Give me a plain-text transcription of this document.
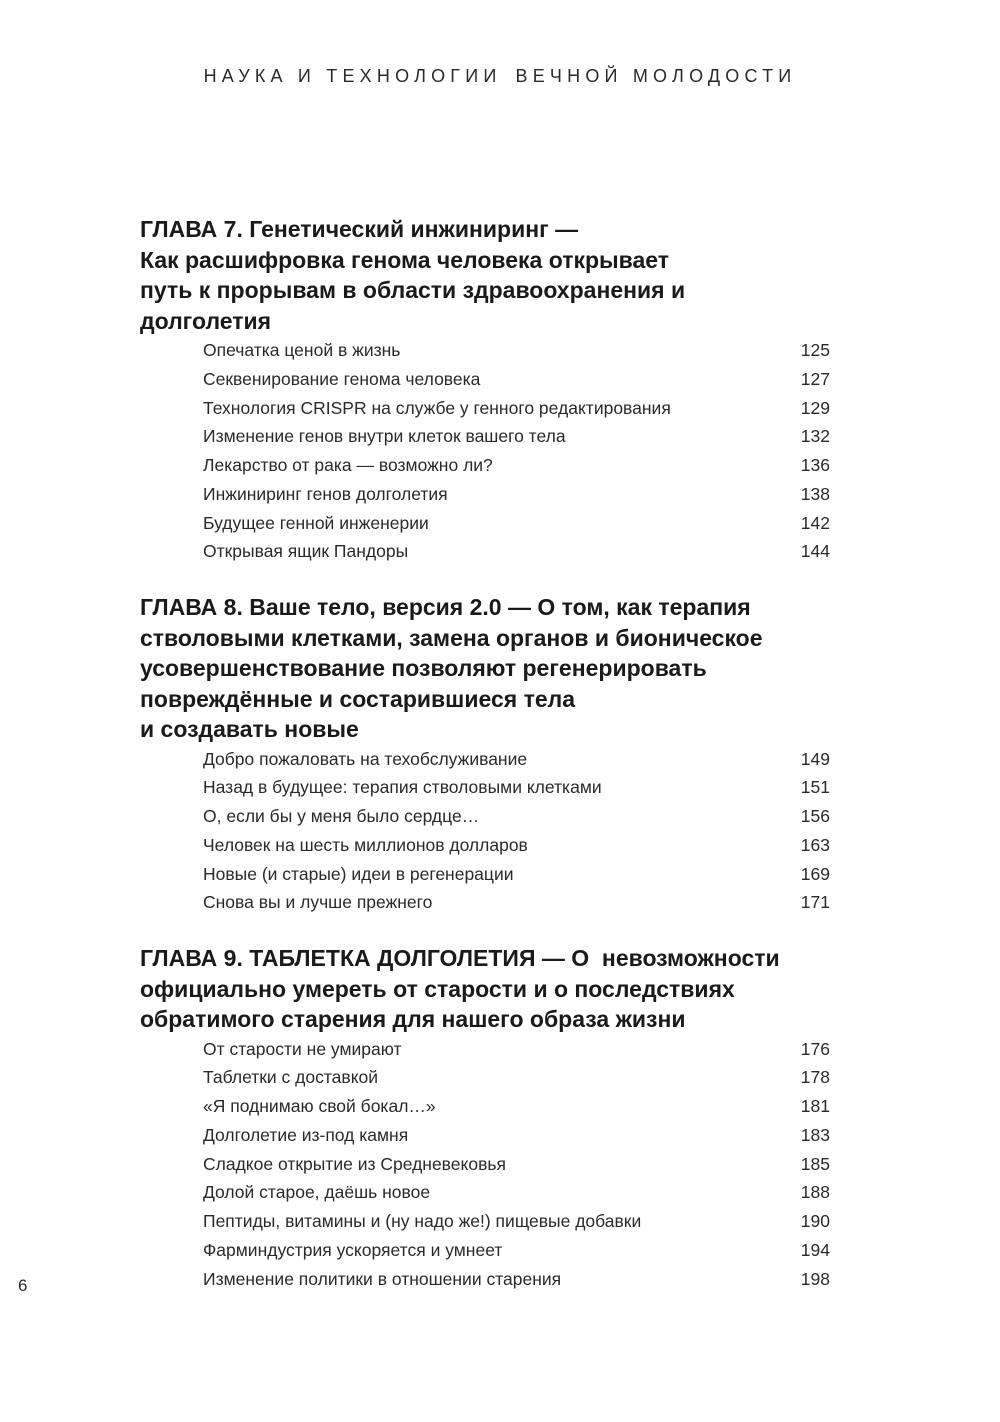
НАУКА И ТЕХНОЛОГИИ ВЕЧНОЙ МОЛОДОСТИ
ГЛАВА 7. Генетический инжиниринг —
Как расшифровка генома человека открывает
путь к прорывам в области здравоохранения и
долголетия
Опечатка ценой в жизнь	125
Секвенирование генома человека	127
Технология CRISPR на службе у генного редактирования	129
Изменение генов внутри клеток вашего тела	132
Лекарство от рака — возможно ли?	136
Инжиниринг генов долголетия	138
Будущее генной инженерии	142
Открывая ящик Пандоры	144
ГЛАВА 8. Ваше тело, версия 2.0 — О том, как терапия
стволовыми клетками, замена органов и бионическое
усовершенствование позволяют регенерировать
повреждённые и состарившиеся тела
и создавать новые
Добро пожаловать на техобслуживание	149
Назад в будущее: терапия стволовыми клетками	151
О, если бы у меня было сердце…	156
Человек на шесть миллионов долларов	163
Новые (и старые) идеи в регенерации	169
Снова вы и лучше прежнего	171
ГЛАВА 9. ТАБЛЕТКА ДОЛГОЛЕТИЯ — О  невозможности
официально умереть от старости и о последствиях
обратимого старения для нашего образа жизни
От старости не умирают	176
Таблетки с доставкой	178
«Я поднимаю свой бокал…»	181
Долголетие из-под камня	183
Сладкое открытие из Средневековья	185
Долой старое, даёшь новое	188
Пептиды, витамины и (ну надо же!) пищевые добавки	190
Фарминдустрия ускоряется и умнеет	194
Изменение политики в отношении старения	198
6
